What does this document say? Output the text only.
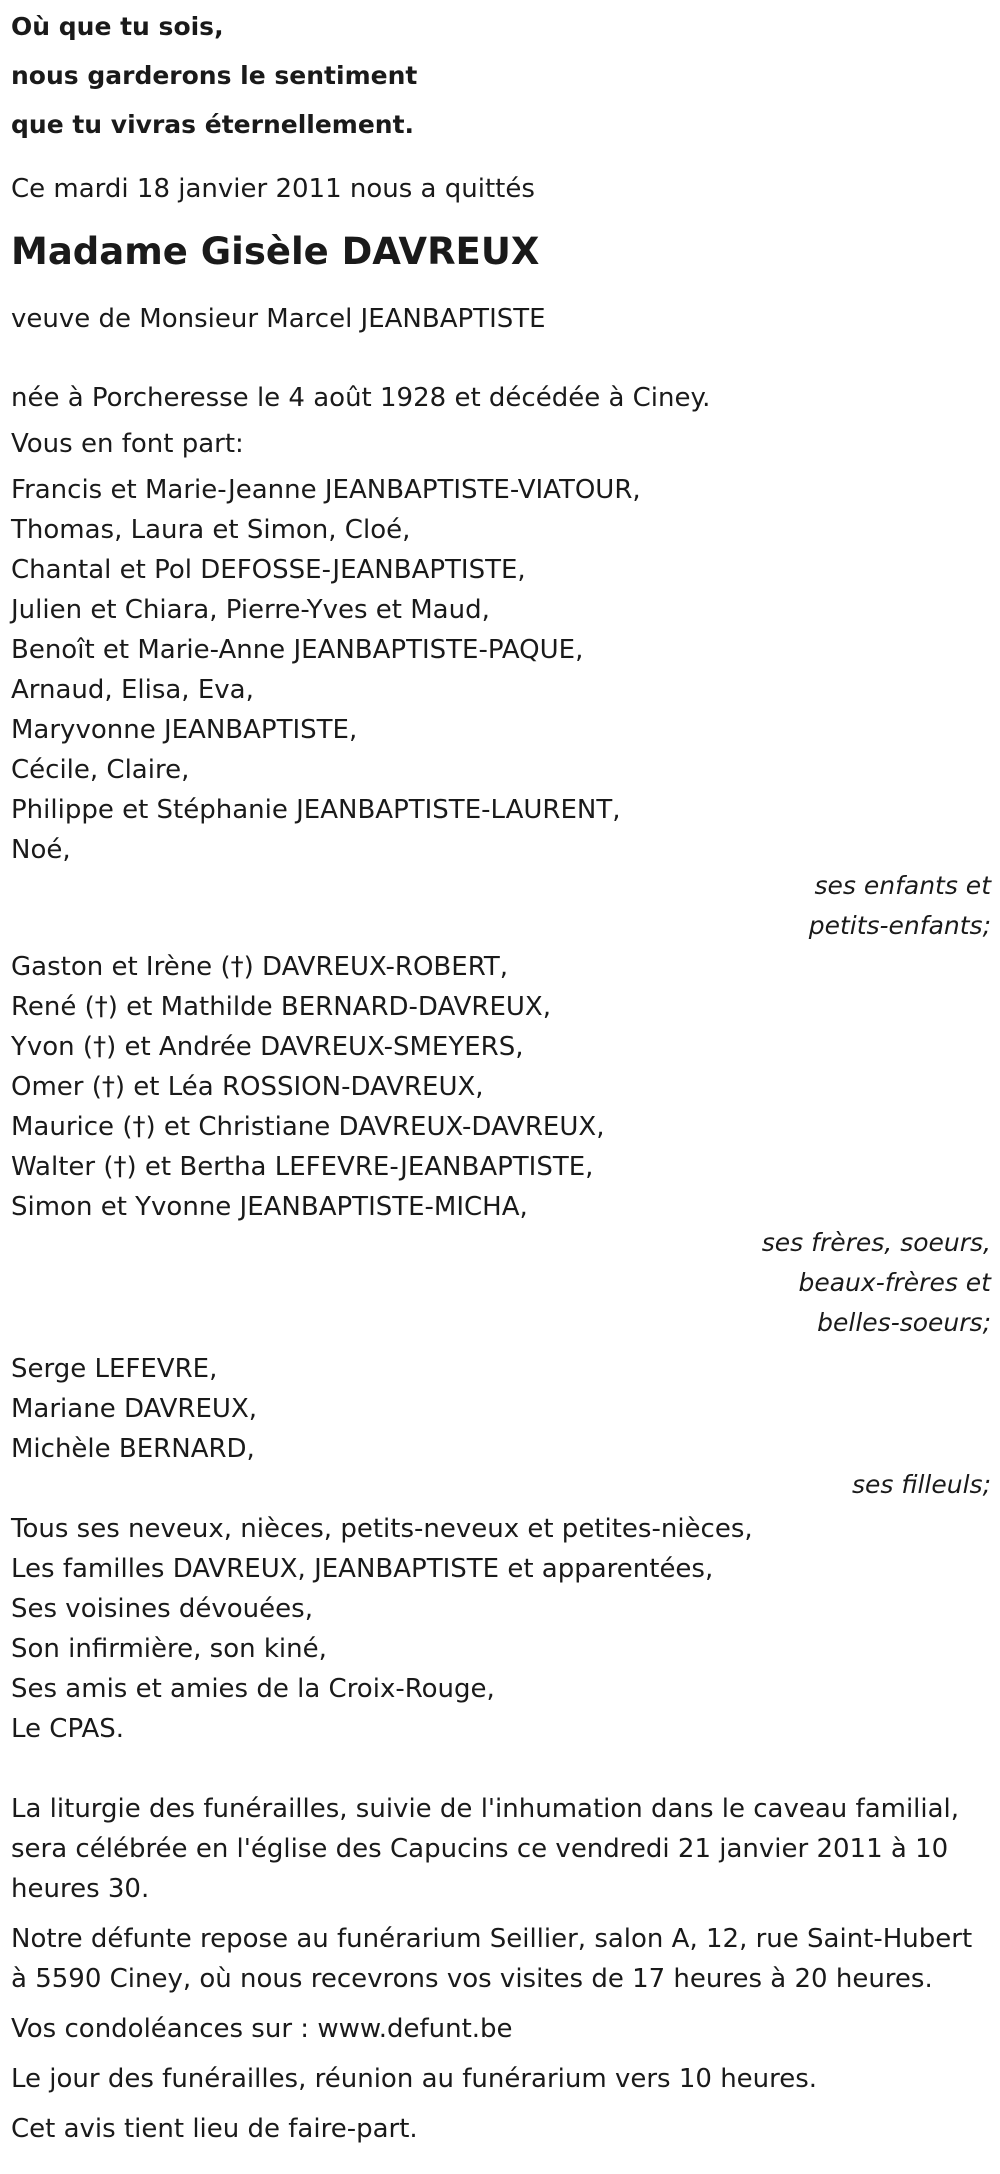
Où que tu sois,
nous garderons le sentiment
que tu vivras éternellement.
Ce mardi 18 janvier 2011 nous a quittés
Madame Gisèle DAVREUX
veuve de Monsieur Marcel JEANBAPTISTE
née à Porcheresse le 4 août 1928 et décédée à Ciney.
Vous en font part:
Francis et Marie-Jeanne JEANBAPTISTE-VIATOUR,
Thomas, Laura et Simon, Cloé,
Chantal et Pol DEFOSSE-JEANBAPTISTE,
Julien et Chiara, Pierre-Yves et Maud,
Benoît et Marie-Anne JEANBAPTISTE-PAQUE,
Arnaud, Elisa, Eva,
Maryvonne JEANBAPTISTE,
Cécile, Claire,
Philippe et Stéphanie JEANBAPTISTE-LAURENT,
Noé,
ses enfants et
petits-enfants;
Gaston et Irène (†) DAVREUX-ROBERT,
René (†) et Mathilde BERNARD-DAVREUX,
Yvon (†) et Andrée DAVREUX-SMEYERS,
Omer (†) et Léa ROSSION-DAVREUX,
Maurice (†) et Christiane DAVREUX-DAVREUX,
Walter (†) et Bertha LEFEVRE-JEANBAPTISTE,
Simon et Yvonne JEANBAPTISTE-MICHA,
ses frères, soeurs,
beaux-frères et
belles-soeurs;
Serge LEFEVRE,
Mariane DAVREUX,
Michèle BERNARD,
ses filleuls;
Tous ses neveux, nièces, petits-neveux et petites-nièces,
Les familles DAVREUX, JEANBAPTISTE et apparentées,
Ses voisines dévouées,
Son infirmière, son kiné,
Ses amis et amies de la Croix-Rouge,
Le CPAS.
La liturgie des funérailles, suivie de l'inhumation dans le caveau familial,
sera célébrée en l'église des Capucins ce vendredi 21 janvier 2011 à 10
heures 30.
Notre défunte repose au funérarium Seillier, salon A, 12, rue Saint-Hubert
à 5590 Ciney, où nous recevrons vos visites de 17 heures à 20 heures.
Vos condoléances sur : www.defunt.be
Le jour des funérailles, réunion au funérarium vers 10 heures.
Cet avis tient lieu de faire-part.
